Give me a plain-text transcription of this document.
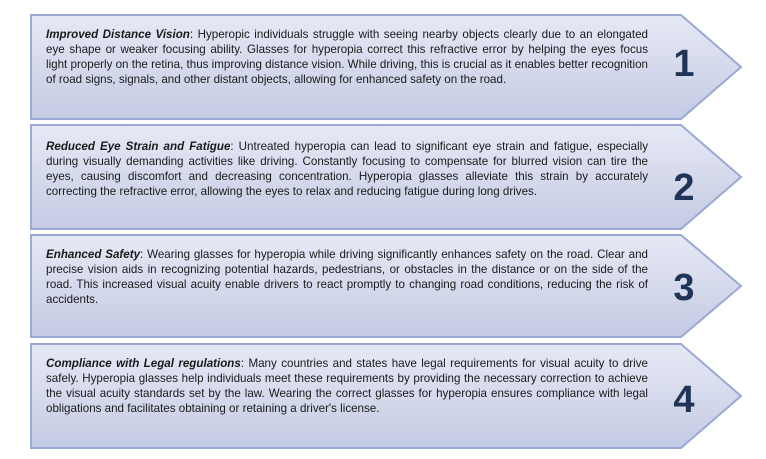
Improved Distance Vision: Hyperopic individuals struggle with seeing nearby objects clearly due to an elongated eye shape or weaker focusing ability. Glasses for hyperopia correct this refractive error by helping the eyes focus light properly on the retina, thus improving distance vision. While driving, this is crucial as it enables better recognition of road signs, signals, and other distant objects, allowing for enhanced safety on the road.	1
Reduced Eye Strain and Fatigue: Untreated hyperopia can lead to significant eye strain and fatigue, especially during visually demanding activities like driving. Constantly focusing to compensate for blurred vision can tire the eyes, causing discomfort and decreasing concentration. Hyperopia glasses alleviate this strain by accurately correcting the refractive error, allowing the eyes to relax and reducing fatigue during long drives.	2
Enhanced Safety: Wearing glasses for hyperopia while driving significantly enhances safety on the road. Clear and precise vision aids in recognizing potential hazards, pedestrians, or obstacles in the distance or on the side of the road. This increased visual acuity enable drivers to react promptly to changing road conditions, reducing the risk of accidents.	3
Compliance with Legal regulations: Many countries and states have legal requirements for visual acuity to drive safely. Hyperopia glasses help individuals meet these requirements by providing the necessary correction to achieve the visual acuity standards set by the law. Wearing the correct glasses for hyperopia ensures compliance with legal obligations and facilitates obtaining or retaining a driver's license.	4
